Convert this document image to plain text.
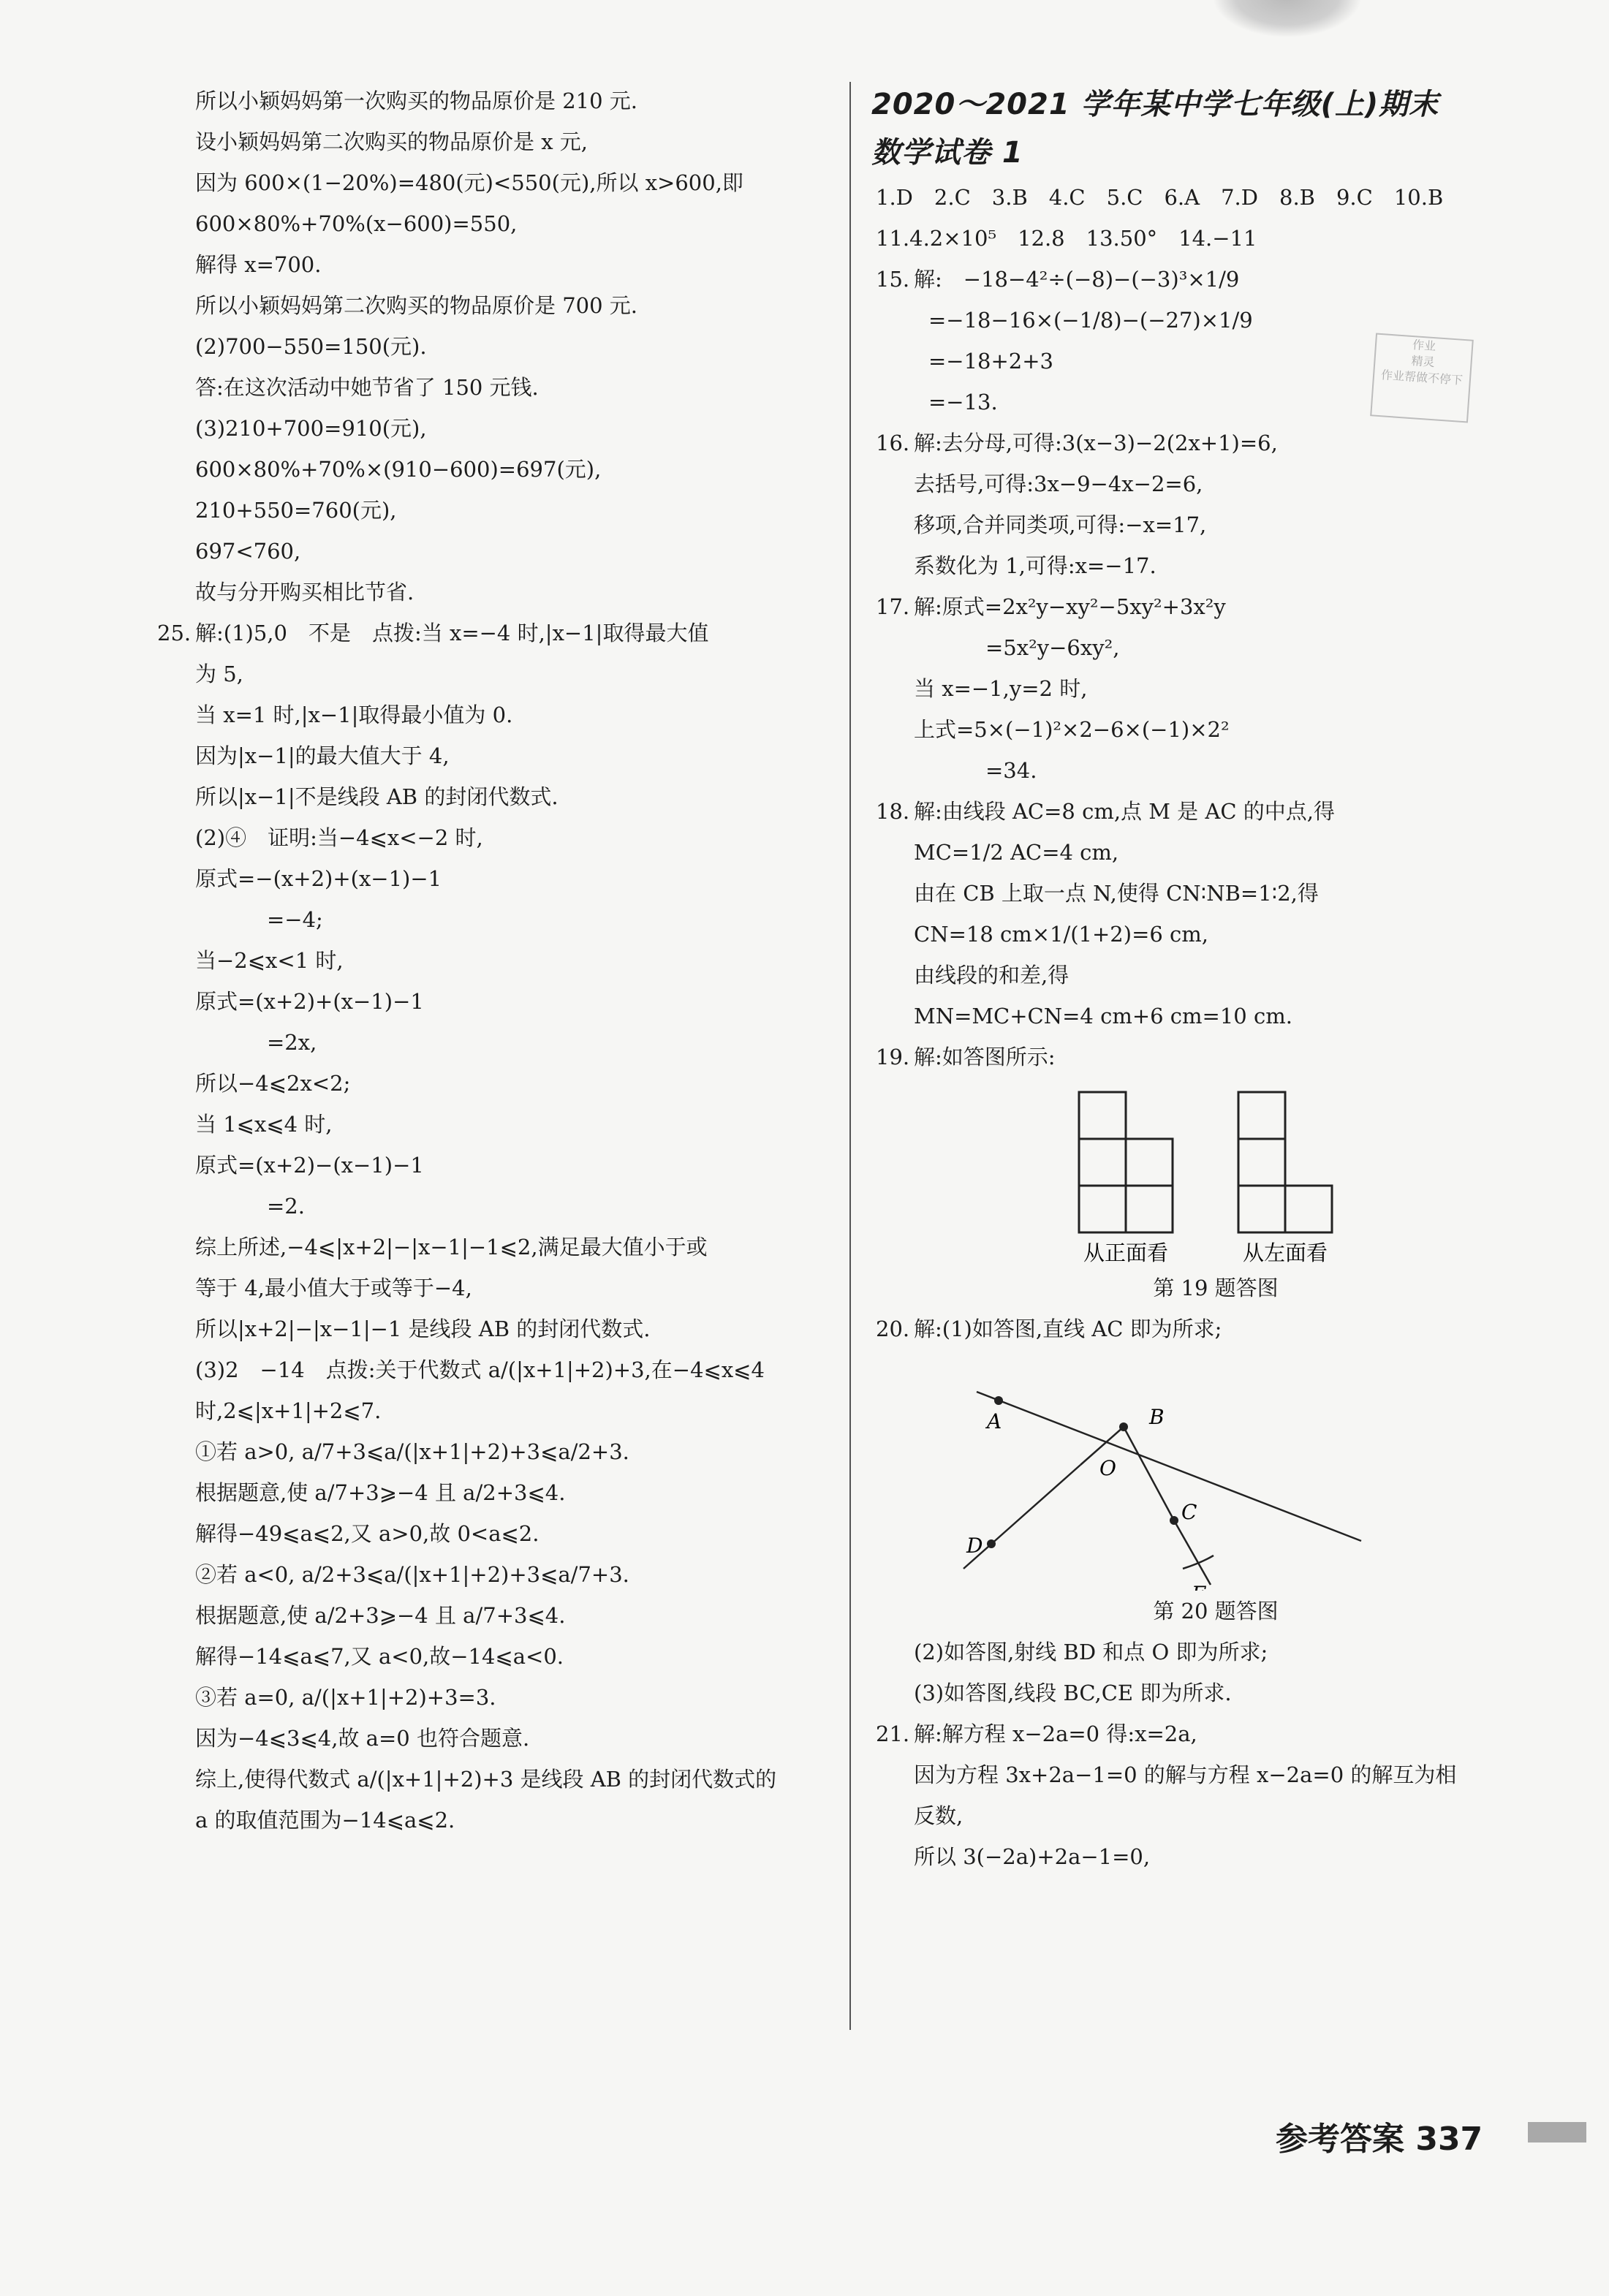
所以小颖妈妈第一次购买的物品原价是 210 元.
设小颖妈妈第二次购买的物品原价是 x 元,
因为 600×(1−20%)=480(元)<550(元),所以 x>600,即
600×80%+70%(x−600)=550,
解得 x=700.
所以小颖妈妈第二次购买的物品原价是 700 元.
(2)700−550=150(元).
答:在这次活动中她节省了 150 元钱.
(3)210+700=910(元),
600×80%+70%×(910−600)=697(元),
210+550=760(元),
697<760,
故与分开购买相比节省.
25. 解:(1)5,0　不是　点拨:当 x=−4 时,|x−1|取得最大值
为 5,
当 x=1 时,|x−1|取得最小值为 0.
因为|x−1|的最大值大于 4,
所以|x−1|不是线段 AB 的封闭代数式.
(2)④　证明:当−4⩽x<−2 时,
原式=−(x+2)+(x−1)−1
=−4;
当−2⩽x<1 时,
原式=(x+2)+(x−1)−1
=2x,
所以−4⩽2x<2;
当 1⩽x⩽4 时,
原式=(x+2)−(x−1)−1
=2.
综上所述,−4⩽|x+2|−|x−1|−1⩽2,满足最大值小于或
等于 4,最小值大于或等于−4,
所以|x+2|−|x−1|−1 是线段 AB 的封闭代数式.
(3)2　−14　点拨:关于代数式 a/(|x+1|+2)+3,在−4⩽x⩽4
时,2⩽|x+1|+2⩽7.
①若 a>0, a/7+3⩽a/(|x+1|+2)+3⩽a/2+3.
根据题意,使 a/7+3⩾−4 且 a/2+3⩽4.
解得−49⩽a⩽2,又 a>0,故 0<a⩽2.
②若 a<0, a/2+3⩽a/(|x+1|+2)+3⩽a/7+3.
根据题意,使 a/2+3⩾−4 且 a/7+3⩽4.
解得−14⩽a⩽7,又 a<0,故−14⩽a<0.
③若 a=0, a/(|x+1|+2)+3=3.
因为−4⩽3⩽4,故 a=0 也符合题意.
综上,使得代数式 a/(|x+1|+2)+3 是线段 AB 的封闭代数式的
a 的取值范围为−14⩽a⩽2.
2020～2021 学年某中学七年级(上)期末
数学试卷 1
1.D　2.C　3.B　4.C　5.C　6.A　7.D　8.B　9.C　10.B
11.4.2×10⁵　12.8　13.50°　14.−11
15. 解:　−18−4²÷(−8)−(−3)³×1/9
=−18−16×(−1/8)−(−27)×1/9
=−18+2+3
=−13.
16. 解:去分母,可得:3(x−3)−2(2x+1)=6,
去括号,可得:3x−9−4x−2=6,
移项,合并同类项,可得:−x=17,
系数化为 1,可得:x=−17.
17. 解:原式=2x²y−xy²−5xy²+3x²y
=5x²y−6xy²,
当 x=−1,y=2 时,
上式=5×(−1)²×2−6×(−1)×2²
=34.
18. 解:由线段 AC=8 cm,点 M 是 AC 的中点,得
MC=1/2 AC=4 cm,
由在 CB 上取一点 N,使得 CN∶NB=1∶2,得
CN=18 cm×1/(1+2)=6 cm,
由线段的和差,得
MN=MC+CN=4 cm+6 cm=10 cm.
19. 解:如答图所示:
从正面看	从左面看
第 19 题答图
20. 解:(1)如答图,直线 AC 即为所求;
A	B
C
D
O
第 20 题答图
(2)如答图,射线 BD 和点 O 即为所求;
(3)如答图,线段 BC,CE 即为所求.
21. 解:解方程 x−2a=0 得:x=2a,
因为方程 3x+2a−1=0 的解与方程 x−2a=0 的解互为相
反数,
所以 3(−2a)+2a−1=0,
作业
精灵
作业帮做不停下
参考答案 337
